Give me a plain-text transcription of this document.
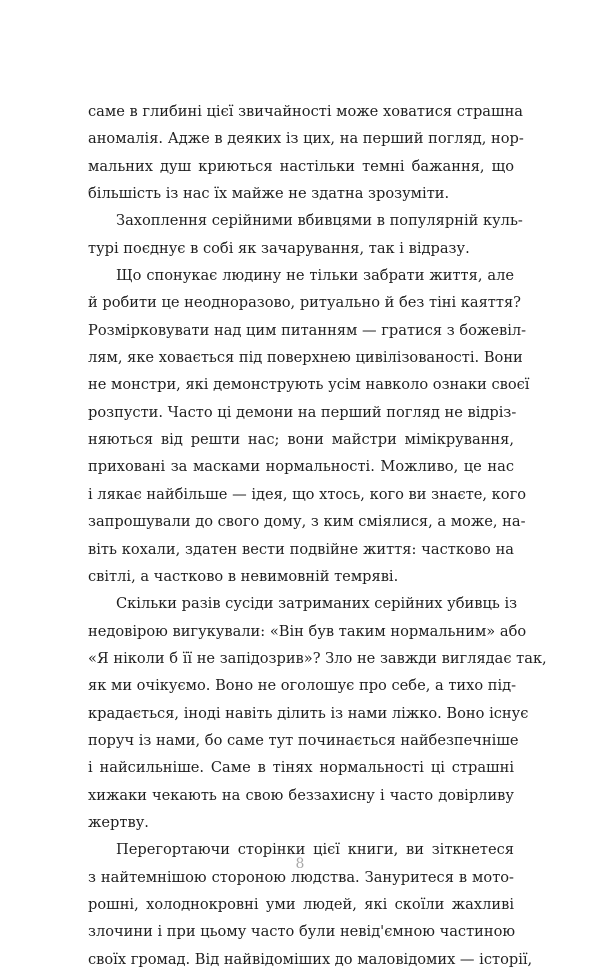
саме в глибині цієї звичайності може ховатися страшна
аномалія. Адже в деяких із цих, на перший погляд, нор-
мальних душ криються настільки темні бажання, що
більшість із нас їх майже не здатна зрозуміти.
Захоплення серійними вбивцями в популярній куль-
турі поєднує в собі як зачарування, так і відразу.
Що спонукає людину не тільки забрати життя, але
й робити це неодноразово, ритуально й без тіні каяття?
Розмірковувати над цим питанням — гратися з божевіл-
лям, яке ховається під поверхнею цивілізованості. Вони
не монстри, які демонструють усім навколо ознаки своєї
розпусти. Часто ці демони на перший погляд не відріз-
няються від решти нас; вони майстри мімікрування,
приховані за масками нормальності. Можливо, це нас
і лякає найбільше — ідея, що хтось, кого ви знаєте, кого
запрошували до свого дому, з ким сміялися, а може, на-
віть кохали, здатен вести подвійне життя: частково на
світлі, а частково в невимовній темряві.
Скільки разів сусіди затриманих серійних убивць із
недовірою вигукували: «Він був таким нормальним» або
«Я ніколи б її не запідозрив»? Зло не завжди виглядає так,
як ми очікуємо. Воно не оголошує про себе, а тихо під-
крадається, іноді навіть ділить із нами ліжко. Воно існує
поруч із нами, бо саме тут починається найбезпечніше
і найсильніше. Саме в тінях нормальності ці страшні
хижаки чекають на свою беззахисну і часто довірливу
жертву.
Перегортаючи сторінки цієї книги, ви зіткнетеся
з найтемнішою стороною людства. Зануритеся в мото-
рошні, холоднокровні уми людей, які скоїли жахливі
злочини і при цьому часто були невід'ємною частиною
своїх громад. Від найвідоміших до маловідомих — історії,
8
